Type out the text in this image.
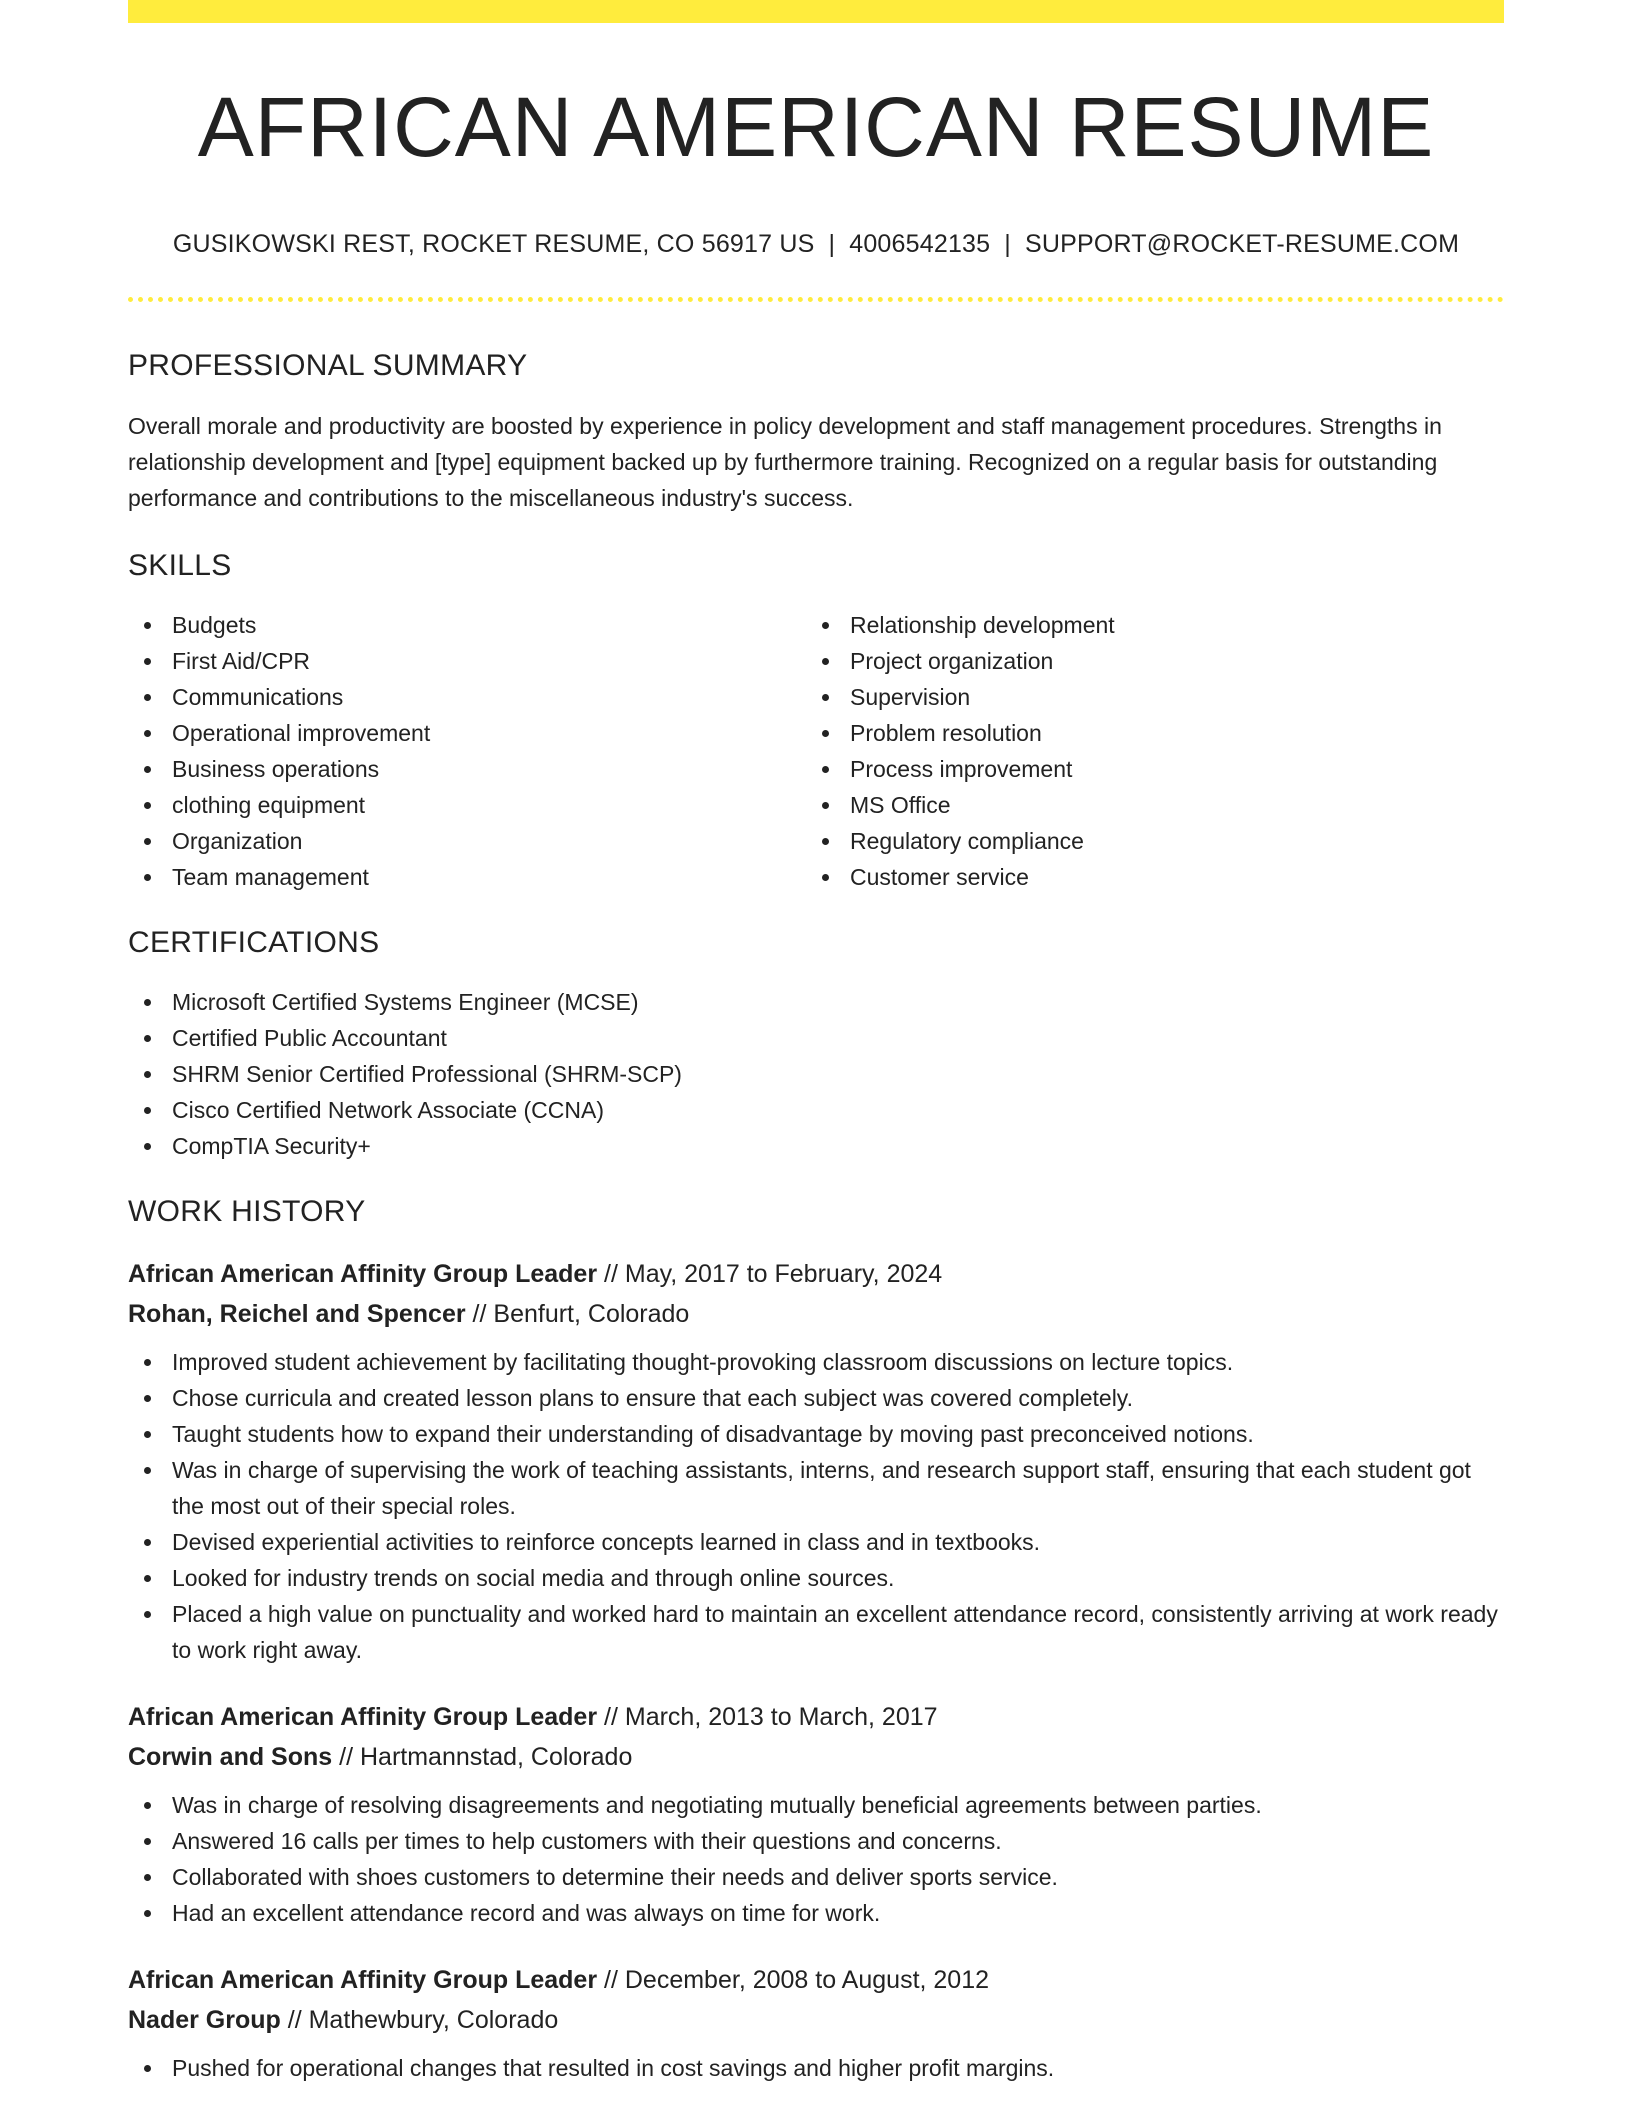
AFRICAN AMERICAN RESUME
GUSIKOWSKI REST, ROCKET RESUME, CO 56917 US | 4006542135 | SUPPORT@ROCKET-RESUME.COM
PROFESSIONAL SUMMARY

Overall morale and productivity are boosted by experience in policy development and staff management procedures. Strengths in relationship development and [type] equipment backed up by furthermore training. Recognized on a regular basis for outstanding performance and contributions to the miscellaneous industry's success.

SKILLS
Budgets
First Aid/CPR
Communications
Operational improvement
Business operations
clothing equipment
Organization
Team management
Relationship development
Project organization
Supervision
Problem resolution
Process improvement
MS Office
Regulatory compliance
Customer service
CERTIFICATIONS
Microsoft Certified Systems Engineer (MCSE)
Certified Public Accountant
SHRM Senior Certified Professional (SHRM-SCP)
Cisco Certified Network Associate (CCNA)
CompTIA Security+
WORK HISTORY
African American Affinity Group Leader // May, 2017 to February, 2024
Rohan, Reichel and Spencer // Benfurt, Colorado
Improved student achievement by facilitating thought-provoking classroom discussions on lecture topics.
Chose curricula and created lesson plans to ensure that each subject was covered completely.
Taught students how to expand their understanding of disadvantage by moving past preconceived notions.
Was in charge of supervising the work of teaching assistants, interns, and research support staff, ensuring that each student got the most out of their special roles.
Devised experiential activities to reinforce concepts learned in class and in textbooks.
Looked for industry trends on social media and through online sources.
Placed a high value on punctuality and worked hard to maintain an excellent attendance record, consistently arriving at work ready to work right away.
African American Affinity Group Leader // March, 2013 to March, 2017
Corwin and Sons // Hartmannstad, Colorado
Was in charge of resolving disagreements and negotiating mutually beneficial agreements between parties.
Answered 16 calls per times to help customers with their questions and concerns.
Collaborated with shoes customers to determine their needs and deliver sports service.
Had an excellent attendance record and was always on time for work.
African American Affinity Group Leader // December, 2008 to August, 2012
Nader Group // Mathewbury, Colorado
Pushed for operational changes that resulted in cost savings and higher profit margins.
